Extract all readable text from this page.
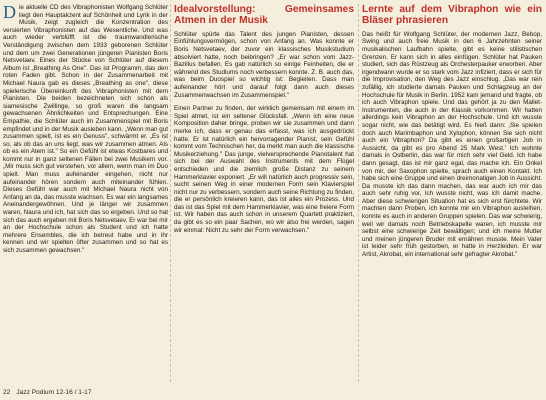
Die aktuelle CD des Vibraphonisten Wolfgang Schlüter liegt den Hauptakzent auf Schönheit und Lyrik in der Musik, zeigt zugleich die Konzentration des versierten Vibraphonisten auf das Wesentliche. Und was auch wieder verblüfft ist die traumwandlerische Verständigung zwischen dem 1933 geborenen Schlüter und dem um zwei Generationen jüngeren Pianisten Boris Netsvetaev. Eines der Stücke von Schlüter auf diesem Album ist „Breathing As One". Das ist Programm, das den roten Faden gibt. Schon in der Zusammenarbeit mit Michael Naura gab es dieses „Breathing as one", diese spielerische Übereinkunft des Vibraphonisten mit dem Pianisten. Die beiden bezeichneten sich schon als siamesische Zwillinge, so groß waren die langsam gewachsenen Ähnlichkeiten und Entsprechungen. Eine Empathie, die Schlüter auch im Zusammenspiel mit Boris empfindet und in der Musik ausleben kann. „Wenn man gut zusammen spielt, ist es ein Genuss", schwärmt er. „Es ist so, als ob das an uns liegt, was wir zusammen atmen. Als ob es ein Atem ist." So ein Gefühl ist etwas Kostbares und kommt nur in ganz seltenen Fällen bei zwei Musikern vor. „Mir muss sich gut verstehen, vor allem, wenn man im Duo spielt. Man muss aufeinander eingehen, nicht nur aufeinander hören sondern auch miteinander fühlen. Dieses Gefühl war auch mit Michael Naura nicht von Anfang an da, das musste wachsen. Es war ein langsames Aneinandergewöhnen. Und je länger wir zusammen waren, Naura und ich, hat sich das so ergeben. Und so hat sich das auch ergeben mit Boris Netsvetaev. Er war bei mir an der Hochschule schon als Student und ich hatte mehrere Ensembles, die ich betreut habe und in ihr kennen und wir spielten öfter zusammen und so hat es sich zusammen gewachsen."

Idealvorstellung: Gemeinsames Atmen in der Musik

Schlüter spürte das Talent des jungen Pianisten, dessen Einfühlungsvermögen, schon von Anfang an. Was konnte er Boris Netsvetaev, der zuvor ein klassisches Musikstudium absolviert hatte, noch beibringen? „Er war schon vom Jazz-Bazillus befallen. Es gab natürlich so einige Feinheiten, die er während des Studiums noch verbessern konnte. Z. B. auch das, was beim Duospiel so wichtig ist: Begleiten. Dass man aufeinander hört und darauf folgt dann auch dieses Zusammenwachsen im Zusammenspiel."

Einen Partner zu finden, der wirklich gemeinsam mit einem im Spiel atmet, ist ein seltener Glücksfall. „Wenn ich eine neue Komposition daher bringe, proben wir sie zusammen und dann merke ich, dass er genau das erfasst, was ich ausgedrückt hatte. Er ist natürlich ein hervorragender Pianist, sein Gefühl kommt vom Technischen her, da merkt man auch die klassische Musikerziehung." Das junge, vielversprechende Pianotalent hat sich bei der Auswahl des Instruments mit dem Flügel entschieden und die ziemlich große Distanz zu seinem Hammerklavier exponiert. „Er will natürlich auch progressiv sein, sucht seinen Weg in einer modernen Form sein Klavierspiel nicht nur zu verbessern, sondern auch seine Richtung zu finden, die er persönlich kreieren kann, das ist alles ein Prozess. Und das ist das Spiel mit dem Hammerklavier, was eine freiere Form ist. Wir haben das auch schon in unserem Quartett praktiziert, da gibt es so ein paar Sachen, wo wir also frei werden, sagen wir einmal: Nicht zu sehr der Form verwachsen."

Lernte auf dem Vibraphon wie ein Bläser phrasieren

Das heißt für Wolfgang Schlüter, der modernen Jazz, Bebop, Swing und auch freie Musik in den 6 Jahrzehnten seiner musikalischen Laufbahn spielte, gibt es keine stilistischen Grenzen. Er kann sich in alles einfügen. Schlüter hat Pauken studiert, sich das Rüstzeug als Orchesterpauker erworben. Aber irgendwann wurde er so stark vom Jazz infiziert, dass er sich für die Improvisation, den Weg des Jazz einschlug. „Das war rein zufällig, ich studierte damals Pauken und Schlagzeug an der Hochschule für Musik in Berlin. 1952 kam jemand und fragte, ob ich auch Vibraphon spiele. Und das gehört ja zu den Mallet-Instrumenten, die auch in der Klassik vorkommen. Wir hatten allerdings kein Vibraphon an der Hochschule. Und ich wusste sogar nicht, wie das betätigt wird. Es hieß dann: ‚Sie spielen doch auch Marimbaphon und Xylophon, können Sie sich nicht auch ein Vibraphon? Da gibt es einen großartigen Job in Aussicht, da gibt es pro Abend 25 Mark West.' Ich wohnte damals in Ostberlin, das war für mich sehr viel Geld. Ich habe dann gesagt, das ist mir ganz egal, das mache ich. Ein Onkel von mir, der Saxophon spielte, sprach auch einen Kontakt. Ich habe sich eine Gruppe und einen dreimonatigen Job in Aussicht. Da musste ich das dann machen, das war auch ich mir das auch sehr ruhig vor, Ich wusste nicht, was ich damit mache. Aber diese schwierigen Situation hat es sich erst fürchtete. Wir machten dann Proben, ich konnte mir ein Vibraphon ausleihen, konnte es auch in anderen Gruppen spielen. Das war schwierig, weil wir damals noch Betriebskapelle waren, ich musste mir selbst eine schwierige Zeit bewältigen; und ich meine Mutter und meinen jüngeren Bruder mit ernähren musste. Mein Vater ist leider sehr früh gestorben, er hatte in Herzleiden. Er war Artist, Akrobat, ein international sehr gefragter Akrobat."

22 Jazz Podium 12-16 / 1-17
